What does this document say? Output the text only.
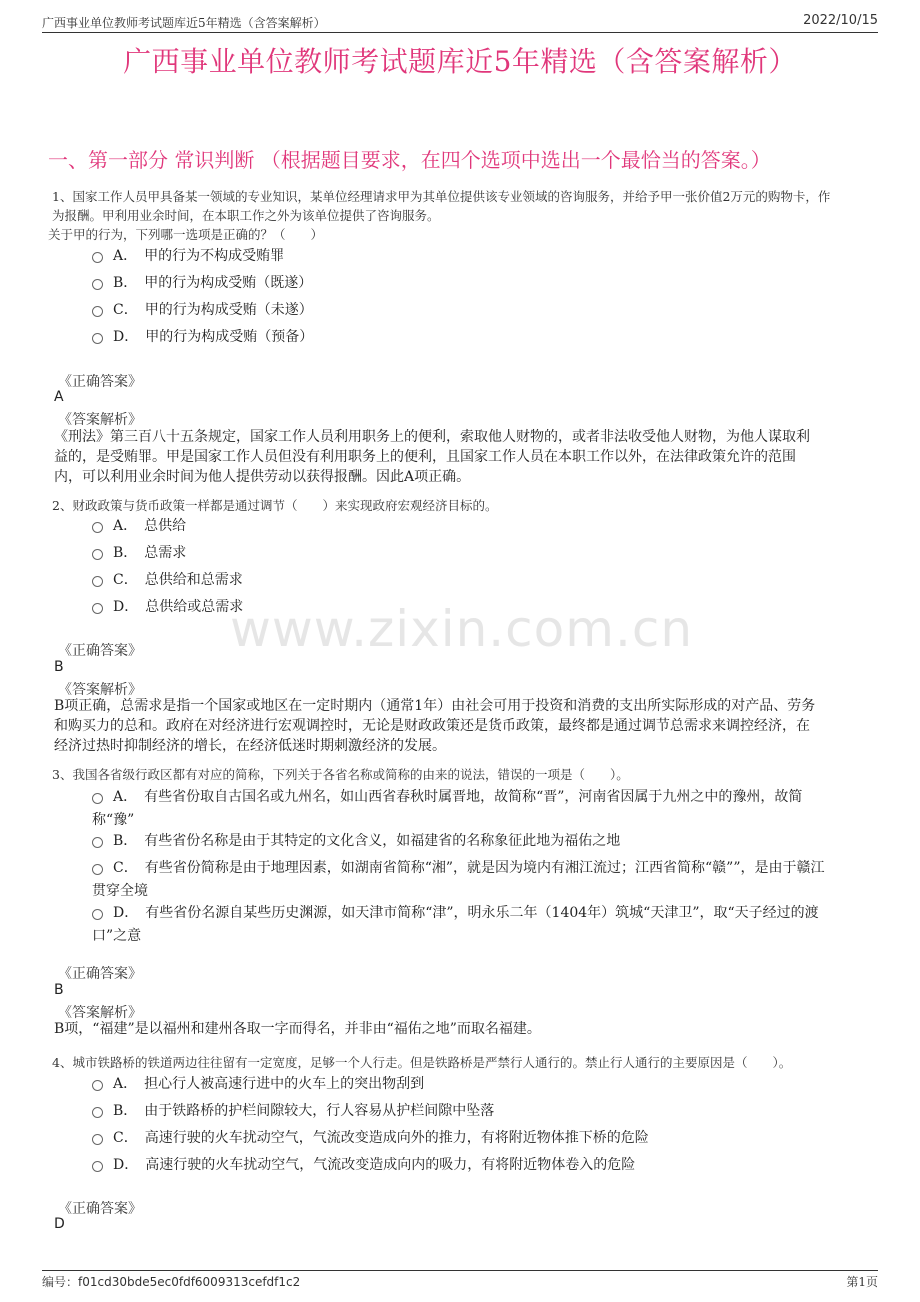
广西事业单位教师考试题库近5年精选（含答案解析）	2022/10/15
广西事业单位教师考试题库近5年精选（含答案解析）
一、第一部分 常识判断 （根据题目要求，在四个选项中选出一个最恰当的答案。）
www.zixin.com.cn
1、国家工作人员甲具备某一领域的专业知识，某单位经理请求甲为其单位提供该专业领域的咨询服务，并给予甲一张价值2万元的购物卡，作
为报酬。甲利用业余时间，在本职工作之外为该单位提供了咨询服务。
关于甲的行为，下列哪一选项是正确的？（　　）
A．　甲的行为不构成受贿罪
B．　甲的行为构成受贿（既遂）
C．　甲的行为构成受贿（未遂）
D．　甲的行为构成受贿（预备）
《正确答案》
A
《答案解析》
《刑法》第三百八十五条规定，国家工作人员利用职务上的便利，索取他人财物的，或者非法收受他人财物，为他人谋取利
益的，是受贿罪。甲是国家工作人员但没有利用职务上的便利，且国家工作人员在本职工作以外，在法律政策允许的范围
内，可以利用业余时间为他人提供劳动以获得报酬。因此A项正确。
2、财政政策与货币政策一样都是通过调节（　　）来实现政府宏观经济目标的。
A．　总供给
B．　总需求
C．　总供给和总需求
D．　总供给或总需求
《正确答案》
B
《答案解析》
B项正确，总需求是指一个国家或地区在一定时期内（通常1年）由社会可用于投资和消费的支出所实际形成的对产品、劳务
和购买力的总和。政府在对经济进行宏观调控时，无论是财政政策还是货币政策，最终都是通过调节总需求来调控经济，在
经济过热时抑制经济的增长，在经济低迷时期刺激经济的发展。
3、我国各省级行政区都有对应的简称，下列关于各省名称或简称的由来的说法，错误的一项是（　　）。
A．　有些省份取自古国名或九州名，如山西省春秋时属晋地，故简称“晋”，河南省因属于九州之中的豫州，故简
称“豫”
B．　有些省份名称是由于其特定的文化含义，如福建省的名称象征此地为福佑之地
C．　有些省份简称是由于地理因素，如湖南省简称“湘”，就是因为境内有湘江流过；江西省简称“赣””，是由于赣江
贯穿全境
D．　有些省份名源自某些历史渊源，如天津市简称“津”，明永乐二年（1404年）筑城“天津卫”，取“天子经过的渡
口”之意
《正确答案》
B
《答案解析》
B项，“福建”是以福州和建州各取一字而得名，并非由“福佑之地”而取名福建。
4、城市铁路桥的铁道两边往往留有一定宽度，足够一个人行走。但是铁路桥是严禁行人通行的。禁止行人通行的主要原因是（　　）。
A．　担心行人被高速行进中的火车上的突出物刮到
B．　由于铁路桥的护栏间隙较大，行人容易从护栏间隙中坠落
C．　高速行驶的火车扰动空气，气流改变造成向外的推力，有将附近物体推下桥的危险
D．　高速行驶的火车扰动空气，气流改变造成向内的吸力，有将附近物体卷入的危险
《正确答案》
D
编号：f01cd30bde5ec0fdf6009313cefdf1c2	第1页
